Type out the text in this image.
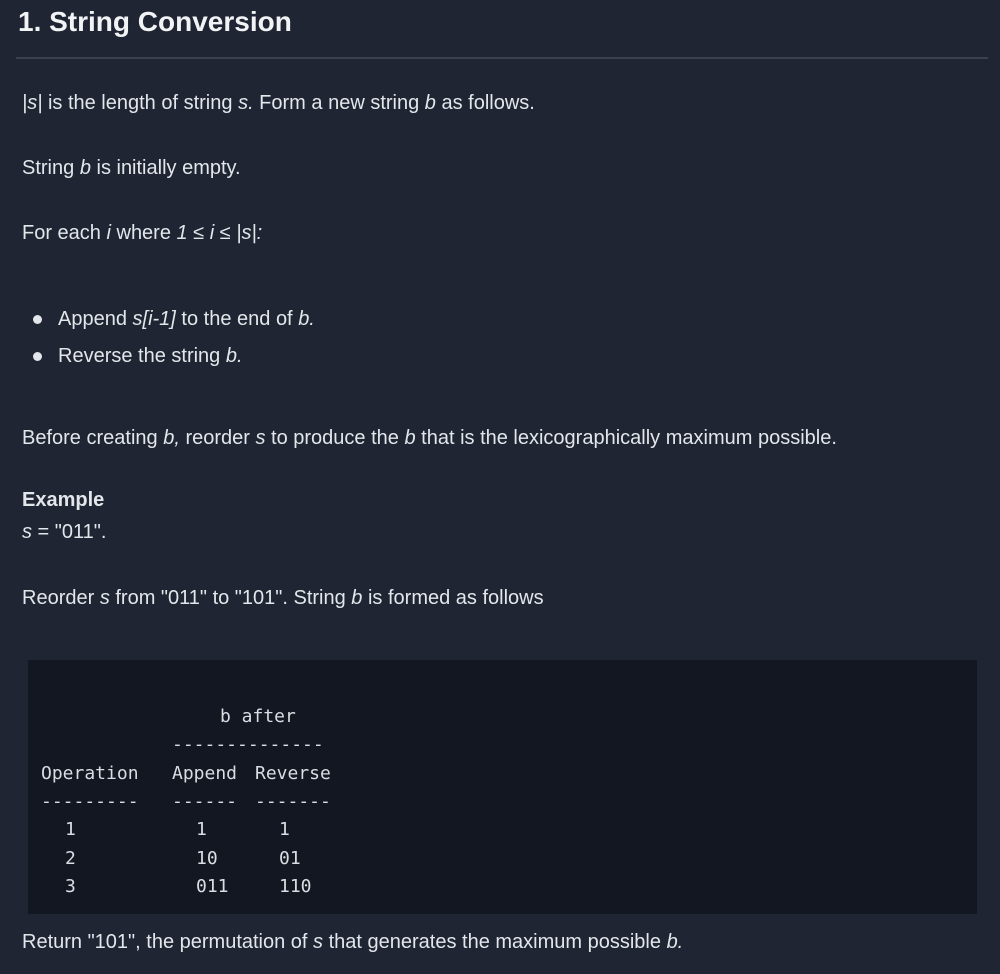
1. String Conversion

|s| is the length of string s. Form a new string b as follows.

String b is initially empty.

For each i where 1 ≤ i ≤ |s|:

Append s[i-1] to the end of b.
Reverse the string b.

Before creating b, reorder s to produce the b that is the lexicographically maximum possible.

Example

s = "011".

Reorder s from "011" to "101". String b is formed as follows

b after
--------------
Operation Append Reverse
--------- ------ -------
1	1	1
2	10	01
3	011	110

Return "101", the permutation of s that generates the maximum possible b.
